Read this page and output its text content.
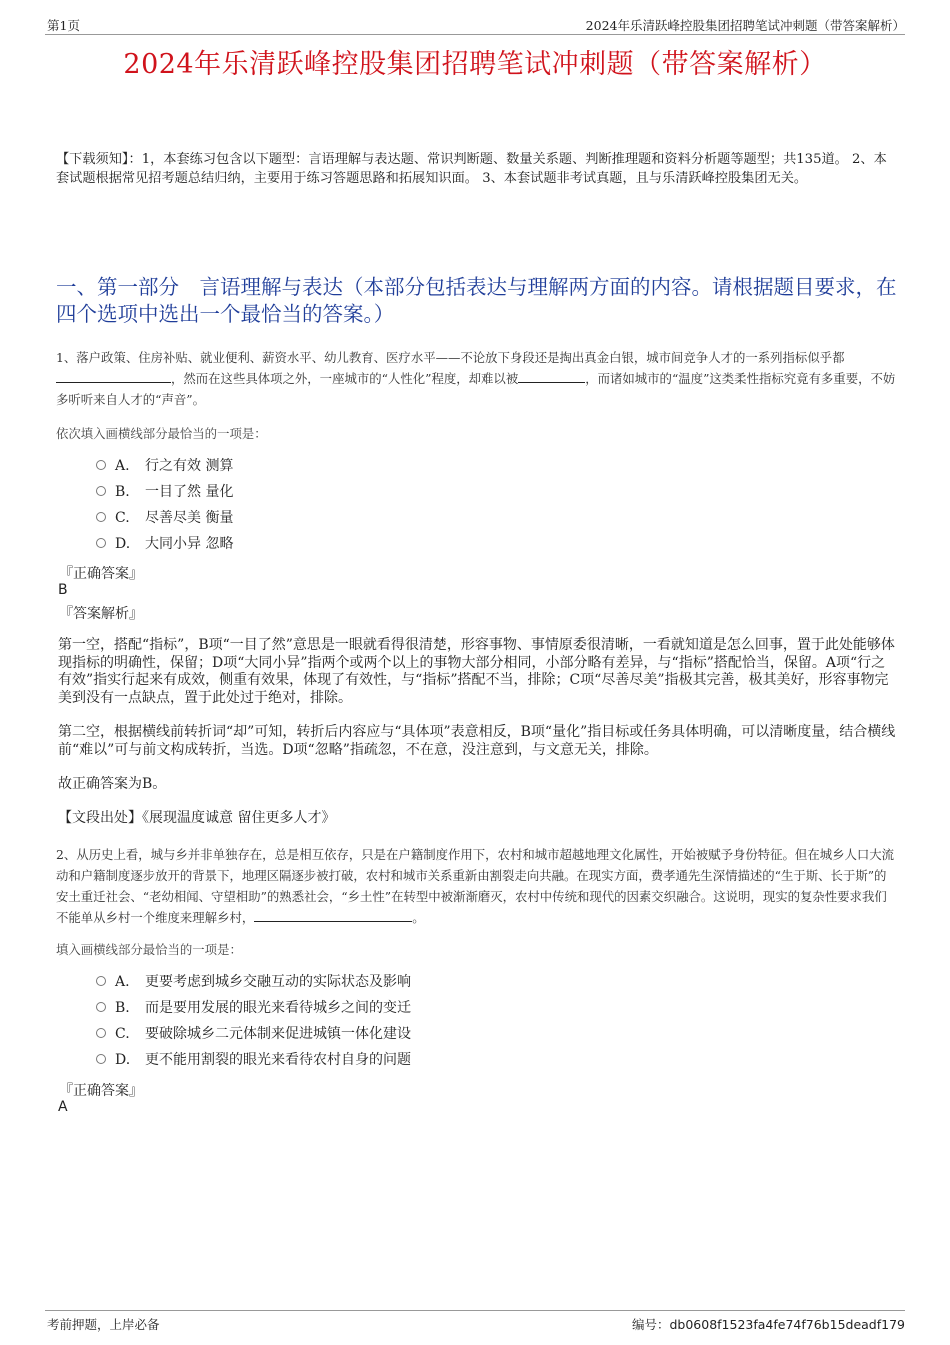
第1页	2024年乐清跃峰控股集团招聘笔试冲刺题（带答案解析）
2024年乐清跃峰控股集团招聘笔试冲刺题（带答案解析）
【下载须知】：1，本套练习包含以下题型：言语理解与表达题、常识判断题、数量关系题、判断推理题和资料分析题等题型；共135道。 2、本套试题根据常见招考题总结归纳，主要用于练习答题思路和拓展知识面。 3、本套试题非考试真题，且与乐清跃峰控股集团无关。
一、第一部分　言语理解与表达（本部分包括表达与理解两方面的内容。请根据题目要求，在四个选项中选出一个最恰当的答案。）
1、落户政策、住房补贴、就业便利、薪资水平、幼儿教育、医疗水平——不论放下身段还是掏出真金白银，城市间竞争人才的一系列指标似乎都，然而在这些具体项之外，一座城市的“人性化”程度，却难以被	，而诸如城市的“温度”这类柔性指标究竟有多重要，不妨多听听来自人才的“声音”。
依次填入画横线部分最恰当的一项是：
A. 行之有效 测算
B. 一目了然 量化
C. 尽善尽美 衡量
D. 大同小异 忽略
『正确答案』
B
『答案解析』
第一空，搭配“指标”，B项“一目了然”意思是一眼就看得很清楚，形容事物、事情原委很清晰，一看就知道是怎么回事，置于此处能够体现指标的明确性，保留；D项“大同小异”指两个或两个以上的事物大部分相同，小部分略有差异，与“指标”搭配恰当，保留。A项“行之有效”指实行起来有成效，侧重有效果，体现了有效性，与“指标”搭配不当，排除；C项“尽善尽美”指极其完善，极其美好，形容事物完美到没有一点缺点，置于此处过于绝对，排除。
第二空，根据横线前转折词“却”可知，转折后内容应与“具体项”表意相反，B项“量化”指目标或任务具体明确，可以清晰度量，结合横线前“难以”可与前文构成转折，当选。D项“忽略”指疏忽，不在意，没注意到，与文意无关，排除。
故正确答案为B。
【文段出处】《展现温度诚意 留住更多人才》
2、从历史上看，城与乡并非单独存在，总是相互依存，只是在户籍制度作用下，农村和城市超越地理文化属性，开始被赋予身份特征。但在城乡人口大流动和户籍制度逐步放开的背景下，地理区隔逐步被打破，农村和城市关系重新由割裂走向共融。在现实方面，费孝通先生深情描述的“生于斯、长于斯”的安土重迁社会、“老幼相闻、守望相助”的熟悉社会，“乡土性”在转型中被渐渐磨灭，农村中传统和现代的因素交织融合。这说明，现实的复杂性要求我们不能单从乡村一个维度来理解乡村，	。
填入画横线部分最恰当的一项是：
A. 更要考虑到城乡交融互动的实际状态及影响
B. 而是要用发展的眼光来看待城乡之间的变迁
C. 要破除城乡二元体制来促进城镇一体化建设
D. 更不能用割裂的眼光来看待农村自身的问题
『正确答案』
A
考前押题，上岸必备	编号：db0608f1523fa4fe74f76b15deadf179
